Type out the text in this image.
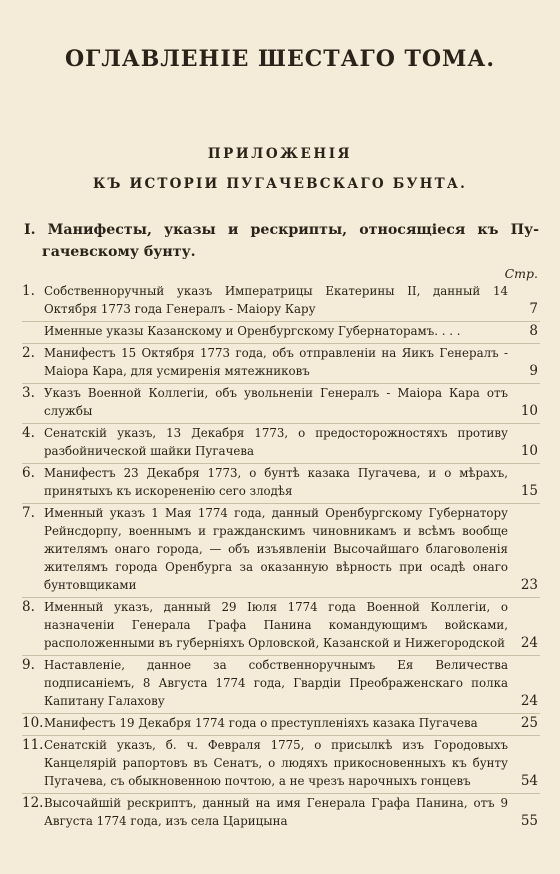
ОГЛАВЛЕНІЕ ШЕСТАГО ТОМА.
ПРИЛОЖЕНІЯ
КЪ ИСТОРІИ ПУГАЧЕВСКАГО БУНТА.
I. Манифесты, указы и рескрипты, относящіеся къ Пу-
гачевскому бунту.
Стр.
1. Собственноручный указъ Императрицы Екатерины II, данный 14 Октября 1773 года Генералъ - Маіору Кару	7
Именные указы Казанскому и Оренбургскому Губернаторамъ. . . .	8
2. Манифестъ 15 Октября 1773 года, объ отправленіи на Яикъ Генералъ - Маіора Кара, для усмиренія мятежниковъ	9
3. Указъ Военной Коллегіи, объ увольненіи Генералъ - Маіора Кара отъ службы	10
4. Сенатскій указъ, 13 Декабря 1773, о предосторожностяхъ противу разбойнической шайки Пугачева	10
6. Манифестъ 23 Декабря 1773, о бунтѣ казака Пугачева, и о мѣрахъ, принятыхъ къ искорененію сего злодѣя	15
7. Именный указъ 1 Мая 1774 года, данный Оренбургскому Губернатору Рейнсдорпу, военнымъ и гражданскимъ чиновникамъ и всѣмъ вообще жителямъ онаго города, — объ изъявленіи Высочайшаго благоволенія жителямъ города Оренбурга за оказанную вѣрность при осадѣ онаго бунтовщиками	23
8. Именный указъ, данный 29 Іюля 1774 года Военной Коллегіи, о назначеніи Генерала Графа Панина командующимъ войсками, расположенными въ губерніяхъ Орловской, Казанской и Нижегородской 24
9. Наставленіе, данное за собственноручнымъ Ея Величества подписаніемъ, 8 Августа 1774 года, Гвардіи Преображенскаго полка Капитану Галахову	24
10. Манифестъ 19 Декабря 1774 года о преступленіяхъ казака Пугачева	25
11. Сенатскій указъ, б. ч. Февраля 1775, о присылкѣ изъ Городовыхъ Канцелярій рапортовъ въ Сенатъ, о людяхъ прикосновенныхъ къ бунту Пугачева, съ обыкновенною почтою, а не чрезъ нарочныхъ гонцевъ	54
12. Высочайшій рескриптъ, данный на имя Генерала Графа Панина, отъ 9 Августа 1774 года, изъ села Царицына	55
